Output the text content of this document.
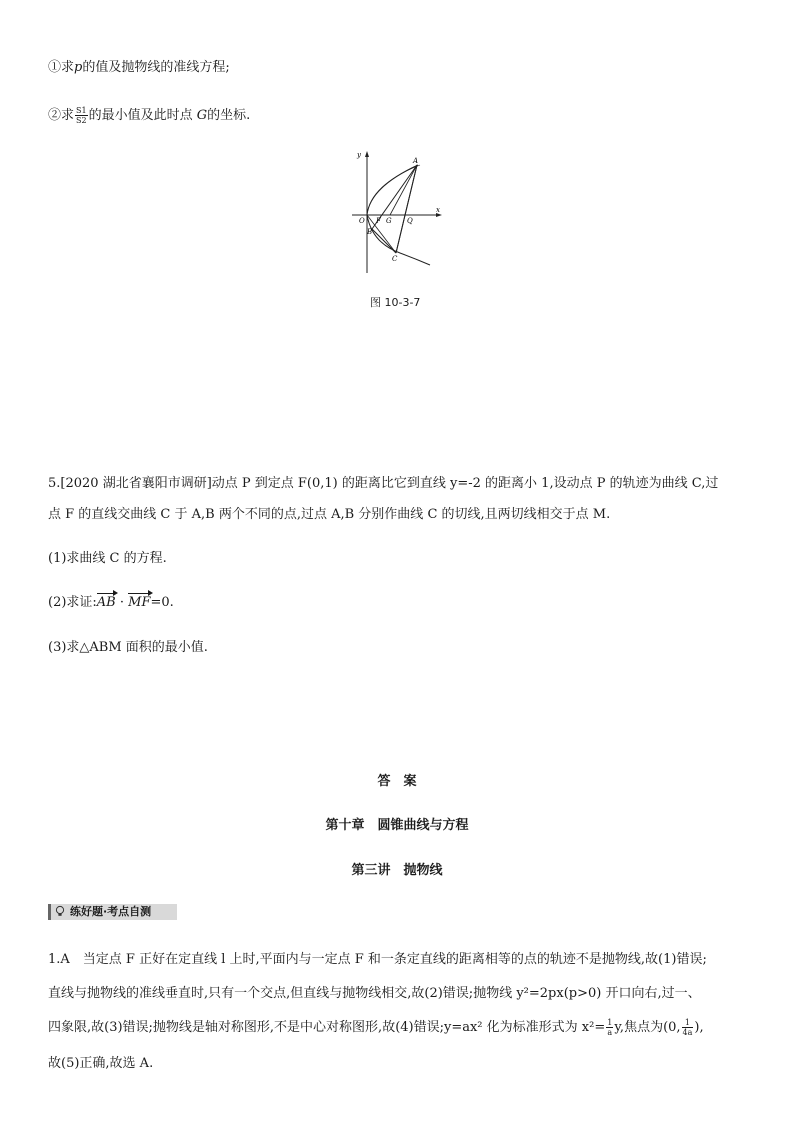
①求p的值及抛物线的准线方程;
②求 $\frac{S1}{S2}$ 的最小值及此时点 G的坐标.
y
x
O F G Q
A
B
C
图 10-3-7
5.[2020 湖北省襄阳市调研]动点 P 到定点 F(0,1) 的距离比它到直线 y=-2 的距离小 1,设动点 P 的轨迹为曲线 C,过
点 F 的直线交曲线 C 于 A,B 两个不同的点,过点 A,B 分别作曲线 C 的切线,且两切线相交于点 M.
(1)求曲线 C 的方程.
(2)求证:AB · MF=0.
(3)求△ABM 面积的最小值.
答　案
第十章　圆锥曲线与方程
第三讲　抛物线
练好题·考点自测
1.A　当定点 F 正好在定直线 l 上时,平面内与一定点 F 和一条定直线的距离相等的点的轨迹不是抛物线,故(1)错误;
直线与抛物线的准线垂直时,只有一个交点,但直线与抛物线相交,故(2)错误;抛物线 y²=2px(p>0) 开口向右,过一、
四象限,故(3)错误;抛物线是轴对称图形,不是中心对称图形,故(4)错误;y=ax² 化为标准形式为 $x^2= \frac{1}{a} y$,焦点为(0, $\frac{1}{4a}$ ),
故(5)正确,故选 A.
